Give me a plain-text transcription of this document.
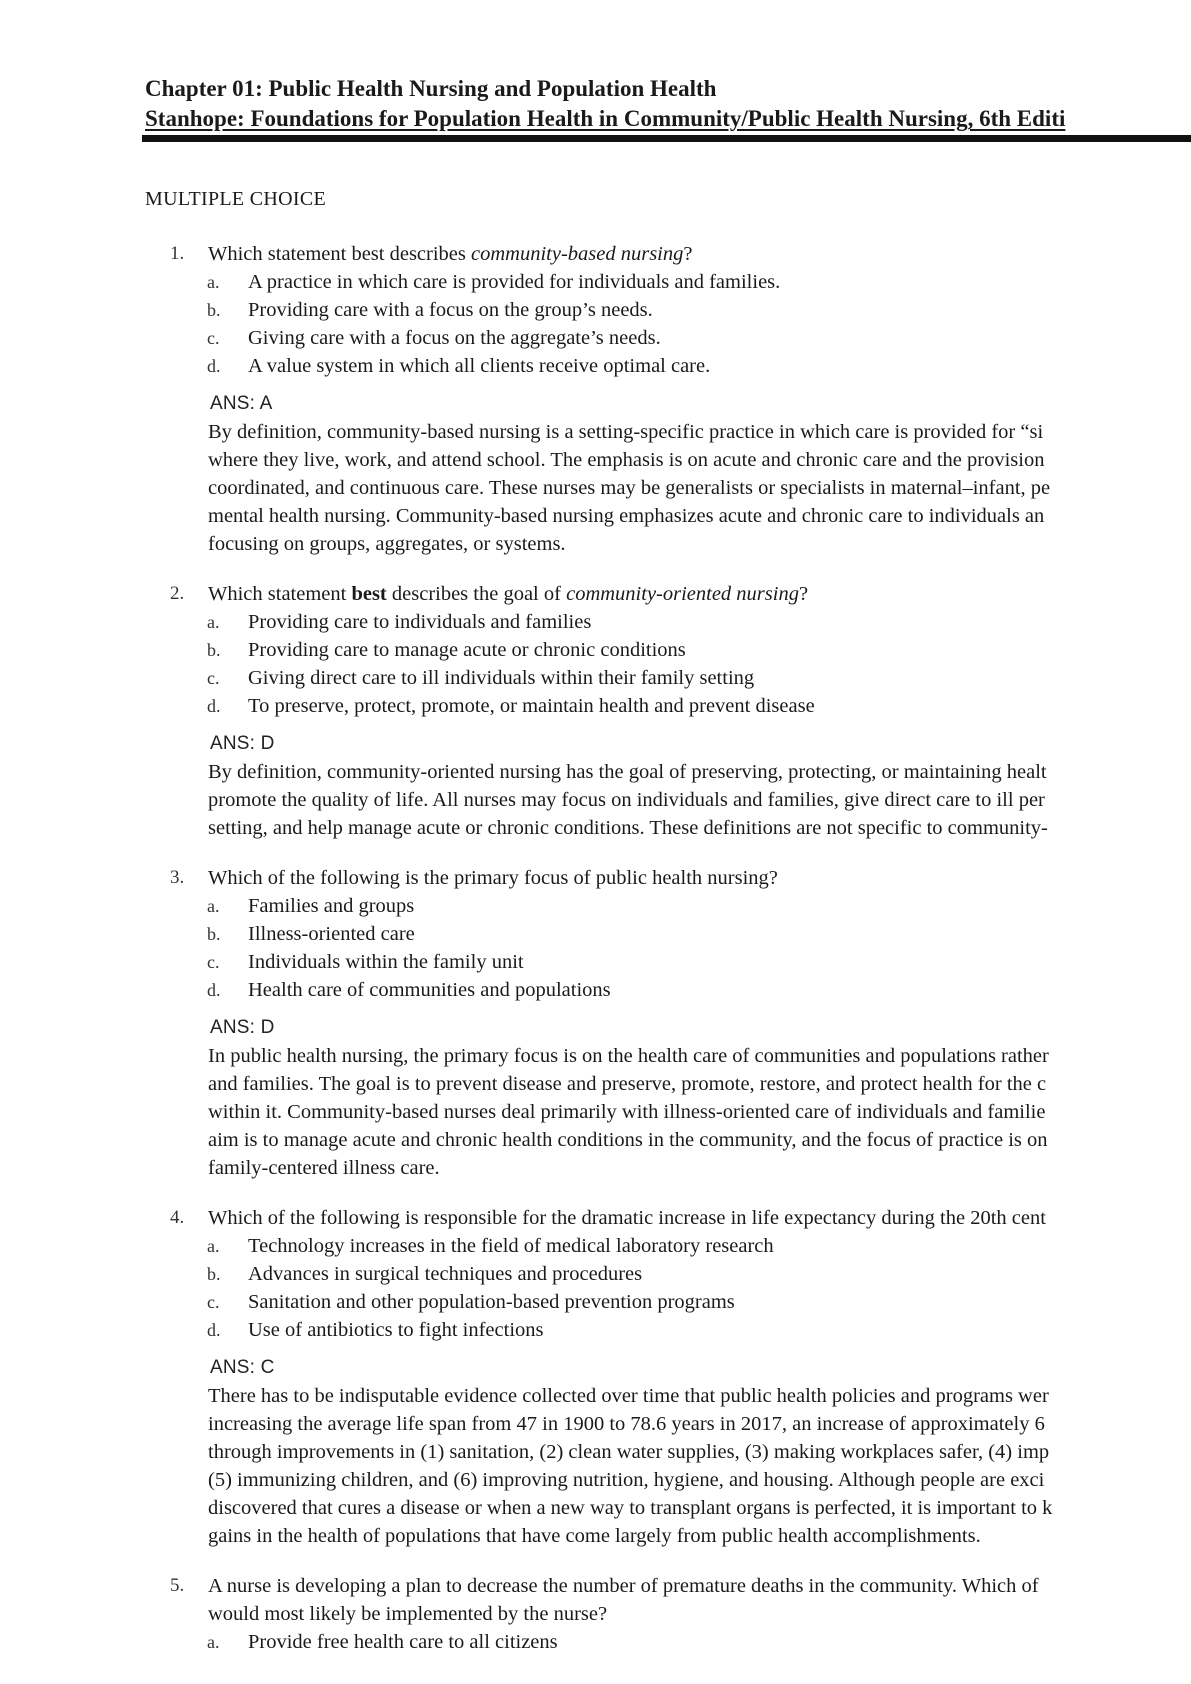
Chapter 01: Public Health Nursing and Population Health
Stanhope: Foundations for Population Health in Community/Public Health Nursing, 6th Editi
MULTIPLE CHOICE
1. Which statement best describes community-based nursing?
a. A practice in which care is provided for individuals and families.
b. Providing care with a focus on the group’s needs.
c. Giving care with a focus on the aggregate’s needs.
d. A value system in which all clients receive optimal care.
ANS: A
By definition, community-based nursing is a setting-specific practice in which care is provided for “si
where they live, work, and attend school. The emphasis is on acute and chronic care and the provision
coordinated, and continuous care. These nurses may be generalists or specialists in maternal–infant, pe
mental health nursing. Community-based nursing emphasizes acute and chronic care to individuals an
focusing on groups, aggregates, or systems.
2. Which statement best describes the goal of community-oriented nursing?
a. Providing care to individuals and families
b. Providing care to manage acute or chronic conditions
c. Giving direct care to ill individuals within their family setting
d. To preserve, protect, promote, or maintain health and prevent disease
ANS: D
By definition, community-oriented nursing has the goal of preserving, protecting, or maintaining healt
promote the quality of life. All nurses may focus on individuals and families, give direct care to ill per
setting, and help manage acute or chronic conditions. These definitions are not specific to community-
3. Which of the following is the primary focus of public health nursing?
a. Families and groups
b. Illness-oriented care
c. Individuals within the family unit
d. Health care of communities and populations
ANS: D
In public health nursing, the primary focus is on the health care of communities and populations rather
and families. The goal is to prevent disease and preserve, promote, restore, and protect health for the c
within it. Community-based nurses deal primarily with illness-oriented care of individuals and familie
aim is to manage acute and chronic health conditions in the community, and the focus of practice is on
family-centered illness care.
4. Which of the following is responsible for the dramatic increase in life expectancy during the 20th cent
a. Technology increases in the field of medical laboratory research
b. Advances in surgical techniques and procedures
c. Sanitation and other population-based prevention programs
d. Use of antibiotics to fight infections
ANS: C
There has to be indisputable evidence collected over time that public health policies and programs wer
increasing the average life span from 47 in 1900 to 78.6 years in 2017, an increase of approximately 6
through improvements in (1) sanitation, (2) clean water supplies, (3) making workplaces safer, (4) imp
(5) immunizing children, and (6) improving nutrition, hygiene, and housing. Although people are exci
discovered that cures a disease or when a new way to transplant organs is perfected, it is important to k
gains in the health of populations that have come largely from public health accomplishments.
5. A nurse is developing a plan to decrease the number of premature deaths in the community. Which of
would most likely be implemented by the nurse?
a. Provide free health care to all citizens
